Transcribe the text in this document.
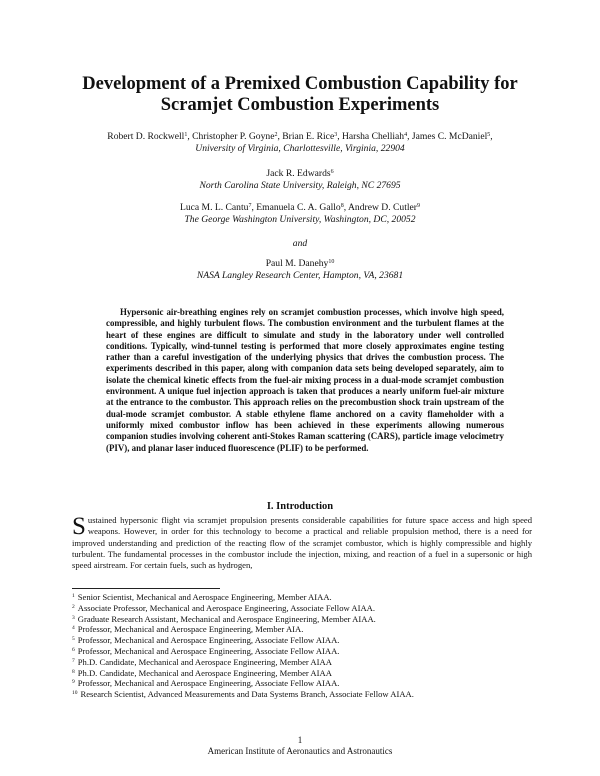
Development of a Premixed Combustion Capability for
Scramjet Combustion Experiments
Robert D. Rockwell$^1$, Christopher P. Goyne$^2$, Brian E. Rice$^3$, Harsha Chelliah$^4$, James C. McDaniel$^5$,
University of Virginia, Charlottesville, Virginia, 22904
Jack R. Edwards$^6$
North Carolina State University, Raleigh, NC 27695
Luca M. L. Cantu$^7$, Emanuela C. A. Gallo$^8$, Andrew D. Cutler$^9$
The George Washington University, Washington, DC, 20052
and
Paul M. Danehy$^{10}$
NASA Langley Research Center, Hampton, VA, 23681

Hypersonic air-breathing engines rely on scramjet combustion processes, which involve high speed, compressible, and highly turbulent flows. The combustion environment and the turbulent flames at the heart of these engines are difficult to simulate and study in the laboratory under well controlled conditions. Typically, wind-tunnel testing is performed that more closely approximates engine testing rather than a careful investigation of the underlying physics that drives the combustion process. The experiments described in this paper, along with companion data sets being developed separately, aim to isolate the chemical kinetic effects from the fuel-air mixing process in a dual-mode scramjet combustion environment. A unique fuel injection approach is taken that produces a nearly uniform fuel-air mixture at the entrance to the combustor. This approach relies on the precombustion shock train upstream of the dual-mode scramjet combustor. A stable ethylene flame anchored on a cavity flameholder with a uniformly mixed combustor inflow has been achieved in these experiments allowing numerous companion studies involving coherent anti-Stokes Raman scattering (CARS), particle image velocimetry (PIV), and planar laser induced fluorescence (PLIF) to be performed.

I. Introduction
Sustained hypersonic flight via scramjet propulsion presents considerable capabilities for future space access and high speed weapons. However, in order for this technology to become a practical and reliable propulsion method, there is a need for improved understanding and prediction of the reacting flow of the scramjet combustor, which is highly compressible and highly turbulent. The fundamental processes in the combustor include the injection, mixing, and reaction of a fuel in a supersonic or high speed airstream. For certain fuels, such as hydrogen,
$^1$ Senior Scientist, Mechanical and Aerospace Engineering, Member AIAA.
$^2$ Associate Professor, Mechanical and Aerospace Engineering, Associate Fellow AIAA.
$^3$ Graduate Research Assistant, Mechanical and Aerospace Engineering, Member AIAA.
$^4$ Professor, Mechanical and Aerospace Engineering, Member AIA.
$^5$ Professor, Mechanical and Aerospace Engineering, Associate Fellow AIAA.
$^6$ Professor, Mechanical and Aerospace Engineering, Associate Fellow AIAA.
$^7$ Ph.D. Candidate, Mechanical and Aerospace Engineering, Member AIAA
$^8$ Ph.D. Candidate, Mechanical and Aerospace Engineering, Member AIAA
$^9$ Professor, Mechanical and Aerospace Engineering, Associate Fellow AIAA.
$^{10}$ Research Scientist, Advanced Measurements and Data Systems Branch, Associate Fellow AIAA.
1
American Institute of Aeronautics and Astronautics
